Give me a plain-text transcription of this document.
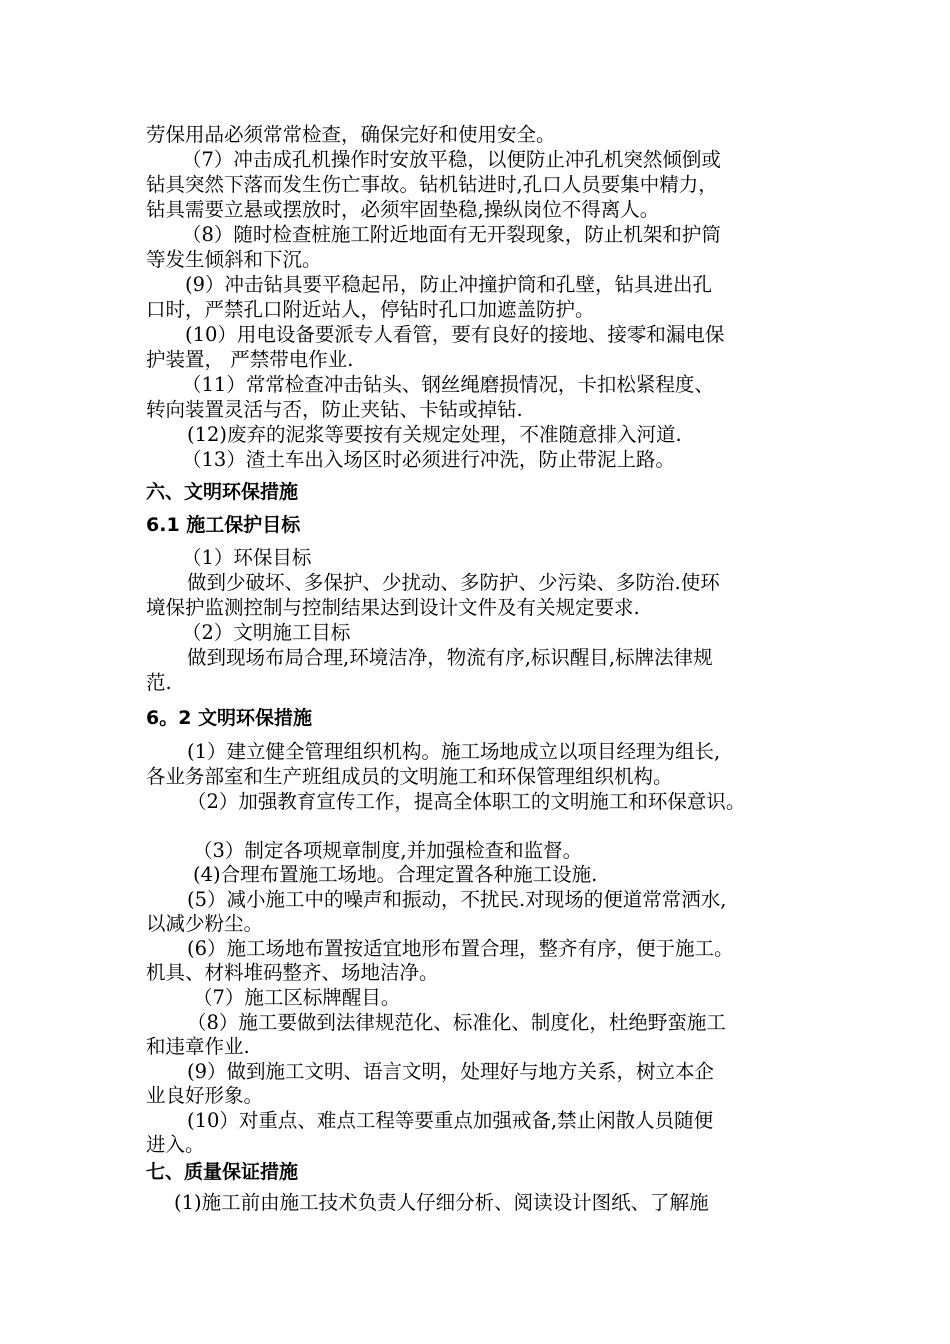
劳保用品必须常常检查，确保完好和使用安全。
（7）冲击成孔机操作时安放平稳，以便防止冲孔机突然倾倒或
钻具突然下落而发生伤亡事故。钻机钻进时,孔口人员要集中精力，
钻具需要立悬或摆放时，必须牢固垫稳,操纵岗位不得离人。
（8）随时检查桩施工附近地面有无开裂现象，防止机架和护筒
等发生倾斜和下沉。
(9）冲击钻具要平稳起吊，防止冲撞护筒和孔壁，钻具进出孔
口时，严禁孔口附近站人，停钻时孔口加遮盖防护。
(10）用电设备要派专人看管，要有良好的接地、接零和漏电保
护装置， 严禁带电作业.
（11）常常检查冲击钻头、钢丝绳磨损情况，卡扣松紧程度、
转向装置灵活与否，防止夹钻、卡钻或掉钻.
(12)废弃的泥浆等要按有关规定处理，不准随意排入河道.
（13）渣土车出入场区时必须进行冲洗，防止带泥上路。
六、文明环保措施
6.1 施工保护目标
（1）环保目标
做到少破坏、多保护、少扰动、多防护、少污染、多防治.使环
境保护监测控制与控制结果达到设计文件及有关规定要求.
（2）文明施工目标
做到现场布局合理,环境洁净，物流有序,标识醒目,标牌法律规
范.
6。2 文明环保措施
(1）建立健全管理组织机构。施工场地成立以项目经理为组长,
各业务部室和生产班组成员的文明施工和环保管理组织机构。
（2）加强教育宣传工作，提高全体职工的文明施工和环保意识。
（3）制定各项规章制度,并加强检查和监督。
(4)合理布置施工场地。合理定置各种施工设施.
(5）减小施工中的噪声和振动，不扰民.对现场的便道常常洒水,
以减少粉尘。
(6）施工场地布置按适宜地形布置合理，整齐有序，便于施工。
机具、材料堆码整齐、场地洁净。
（7）施工区标牌醒目。
（8）施工要做到法律规范化、标准化、制度化，杜绝野蛮施工
和违章作业.
(9）做到施工文明、语言文明，处理好与地方关系，树立本企
业良好形象。
(10）对重点、难点工程等要重点加强戒备,禁止闲散人员随便
进入。
七、质量保证措施
(1)施工前由施工技术负责人仔细分析、阅读设计图纸、了解施
